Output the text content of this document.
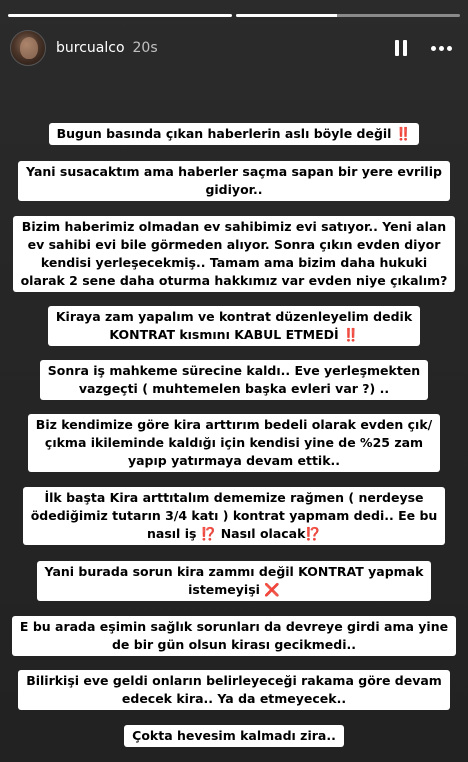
burcualco 20s
Bugun basında çıkan haberlerin aslı böyle değil ‼️
Yani susacaktım ama haberler saçma sapan bir yere evrilip
gidiyor..
Bizim haberimiz olmadan ev sahibimiz evi satıyor.. Yeni alan
ev sahibi evi bile görmeden alıyor. Sonra çıkın evden diyor
kendisi yerleşecekmiş.. Tamam ama bizim daha hukuki
olarak 2 sene daha oturma hakkımız var evden niye çıkalım?
Kiraya zam yapalım ve kontrat düzenleyelim dedik
KONTRAT kısmını KABUL ETMEDİ ‼️
Sonra iş mahkeme sürecine kaldı.. Eve yerleşmekten
vazgeçti ( muhtemelen başka evleri var ?) ..
Biz kendimize göre kira arttırım bedeli olarak evden çık/
çıkma ikileminde kaldığı için kendisi yine de %25 zam
yapıp yatırmaya devam ettik..
İlk başta Kira arttıtalım dememize rağmen ( nerdeyse
ödediğimiz tutarın 3/4 katı ) kontrat yapmam dedi.. Ee bu
nasıl iş ⁉️ Nasıl olacak⁉️
Yani burada sorun kira zammı değil KONTRAT yapmak
istemeyişi ❌
E bu arada eşimin sağlık sorunları da devreye girdi ama yine
de bir gün olsun kirası gecikmedi..
Bilirkişi eve geldi onların belirleyeceği rakama göre devam
edecek kira.. Ya da etmeyecek..
Çokta hevesim kalmadı zira..
